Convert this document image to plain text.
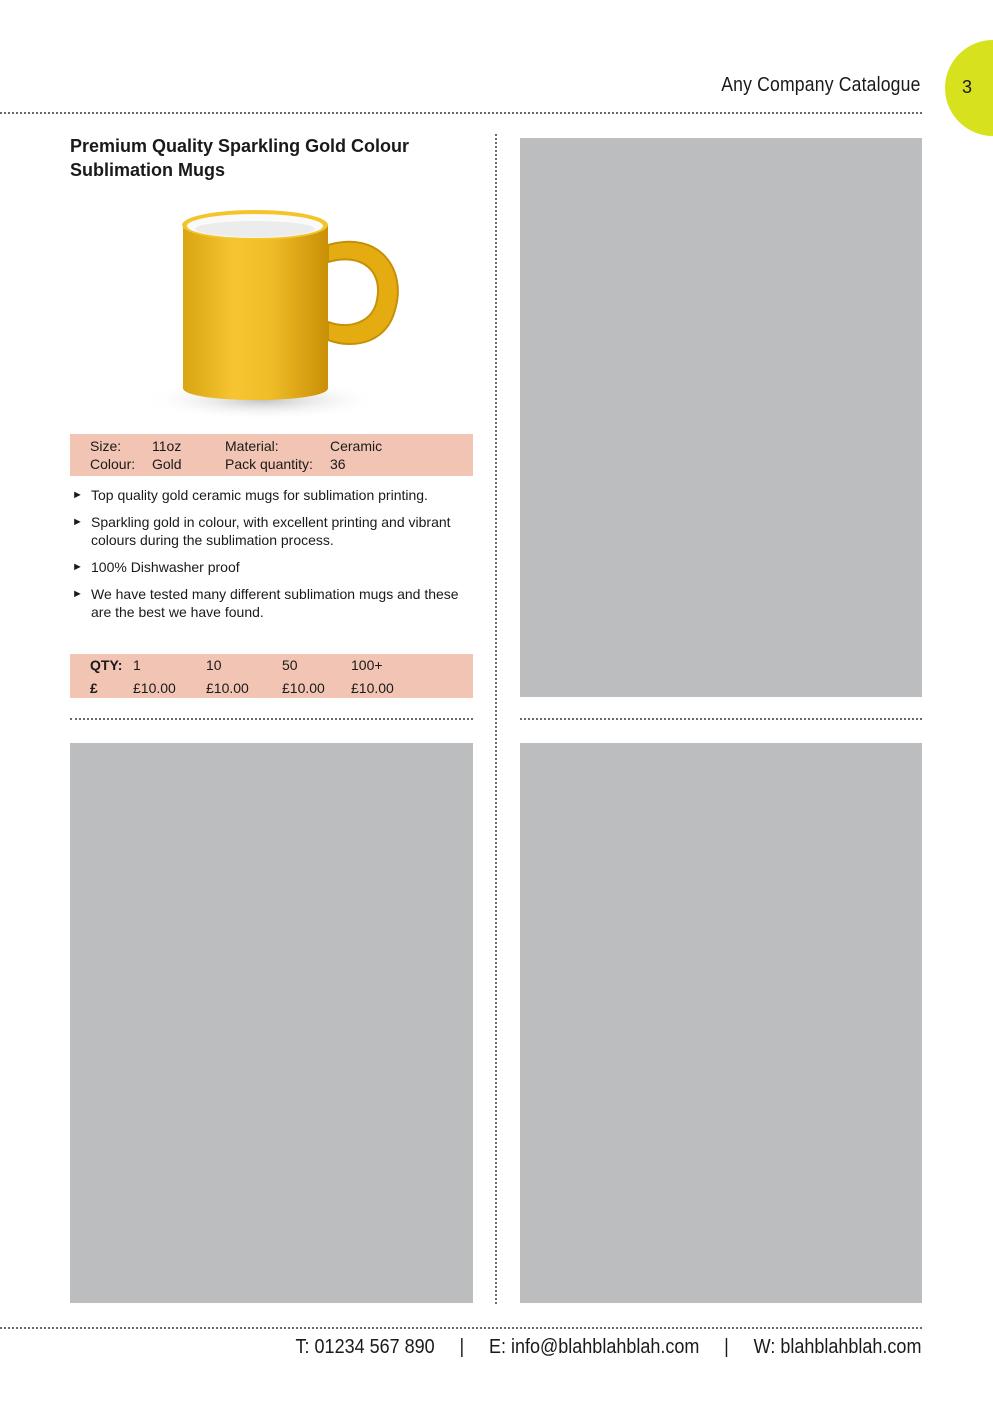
Any Company Catalogue 3
Premium Quality Sparkling Gold Colour
Sublimation Mugs
Size: 11oz	Material:	Ceramic
Colour: Gold	Pack quantity: 36
► Top quality gold ceramic mugs for sublimation printing.
► Sparkling gold in colour, with excellent printing and vibrant colours during the sublimation process.
► 100% Dishwasher proof
► We have tested many different sublimation mugs and these are the best we have found.
QTY: 1	10	50	100+
£	£10.00 £10.00 £10.00 £10.00
T: 01234 567 890 | E: info@blahblahblah.com | W: blahblahblah.com
